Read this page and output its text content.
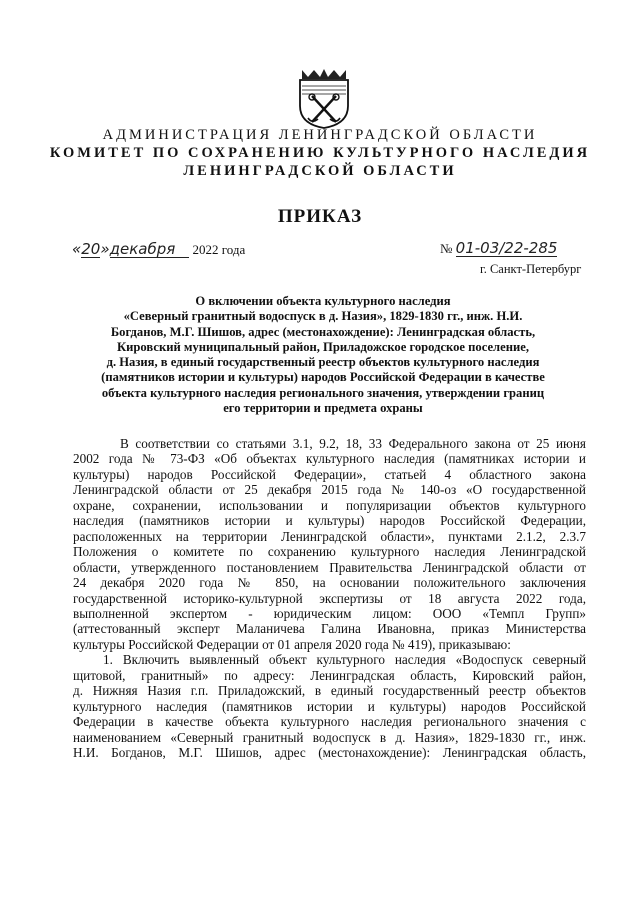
АДМИНИСТРАЦИЯ ЛЕНИНГРАДСКОЙ ОБЛАСТИ
КОМИТЕТ ПО СОХРАНЕНИЮ КУЛЬТУРНОГО НАСЛЕДИЯ
ЛЕНИНГРАДСКОЙ ОБЛАСТИ
ПРИКАЗ
«20»декабря 2022 года	№ 01-03/22-285
г. Санкт-Петербург
О включении объекта культурного наследия
«Северный гранитный водоспуск в д. Назия», 1829-1830 гг., инж. Н.И.
Богданов, М.Г. Шишов, адрес (местонахождение): Ленинградская область,
Кировский муниципальный район, Приладожское городское поселение,
д. Назия, в единый государственный реестр объектов культурного наследия
(памятников истории и культуры) народов Российской Федерации в качестве
объекта культурного наследия регионального значения, утверждении границ
его территории и предмета охраны
В соответствии со статьями 3.1, 9.2, 18, 33 Федерального закона от 25 июня
2002 года № 73-ФЗ «Об объектах культурного наследия (памятниках истории и
культуры) народов Российской Федерации», статьей 4 областного закона
Ленинградской области от 25 декабря 2015 года № 140-оз «О государственной
охране, сохранении, использовании и популяризации объектов культурного
наследия (памятников истории и культуры) народов Российской Федерации,
расположенных на территории Ленинградской области», пунктами 2.1.2, 2.3.7
Положения о комитете по сохранению культурного наследия Ленинградской
области, утвержденного постановлением Правительства Ленинградской области от
24 декабря 2020 года № 850, на основании положительного заключения
государственной историко-культурной экспертизы от 18 августа 2022 года,
выполненной экспертом - юридическим лицом: ООО «Темпл Групп»
(аттестованный эксперт Маланичева Галина Ивановна, приказ Министерства
культуры Российской Федерации от 01 апреля 2020 года № 419), приказываю:
1. Включить выявленный объект культурного наследия «Водоспуск северный
щитовой, гранитный» по адресу: Ленинградская область, Кировский район,
д. Нижняя Назия г.п. Приладожский, в единый государственный реестр объектов
культурного наследия (памятников истории и культуры) народов Российской
Федерации в качестве объекта культурного наследия регионального значения с
наименованием «Северный гранитный водоспуск в д. Назия», 1829-1830 гг., инж.
Н.И. Богданов, М.Г. Шишов, адрес (местонахождение): Ленинградская область,
